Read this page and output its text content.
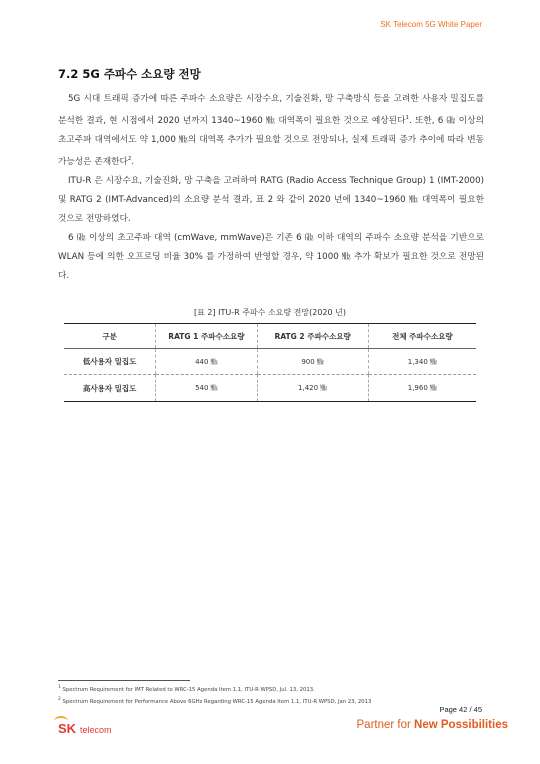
SK Telecom 5G White Paper
7.2 5G 주파수 소요량 전망

5G 시대 트래픽 증가에 따른 주파수 소요량은 시장수요, 기술진화, 망 구축방식 등을 고려한 사용자 밀집도를 분석한 결과, 현 시점에서 2020 년까지 1340~1960 ㎒ 대역폭이 필요한 것으로 예상된다$^1$. 또한, 6 ㎓ 이상의 초고주파 대역에서도 약 1,000 ㎒의 대역폭 추가가 필요할 것으로 전망되나, 실제 트래픽 증가 추이에 따라 변동 가능성은 존재한다$^2$.

ITU-R 은 시장수요, 기술진화, 망 구축을 고려하여 RATG (Radio Access Technique Group) 1 (IMT-2000) 및 RATG 2 (IMT-Advanced)의 소요량 분석 결과, 표 2 와 같이 2020 년에 1340~1960 ㎒ 대역폭이 필요한 것으로 전망하였다.

6 ㎓ 이상의 초고주파 대역 (cmWave, mmWave)은 기존 6 ㎓ 이하 대역의 주파수 소요량 분석을 기반으로 WLAN 등에 의한 오프로딩 비율 30% 를 가정하여 반영할 경우, 약 1000 ㎒ 추가 확보가 필요한 것으로 전망된다.

[표 2] ITU-R 주파수 소요량 전망(2020 년)
구분	RATG 1 주파수소요량	RATG 2 주파수소요량	전체 주파수소요량
低사용자 밀집도	440 ㎒	900 ㎒	1,340 ㎒
高사용자 밀집도	540 ㎒	1,420 ㎒	1,960 ㎒
$^1$ Spectrum Requirement for IMT Related to WRC-15 Agenda Item 1.1, ITU-R WPSD, Jul. 13, 2013.
$^2$ Spectrum Requirement for Performance Above 6GHz Regarding WRC-15 Agenda Item 1.1, ITU-R WPSD, Jan 23, 2013
Page 42 / 45
SK telecom	Partner for New Possibilities
